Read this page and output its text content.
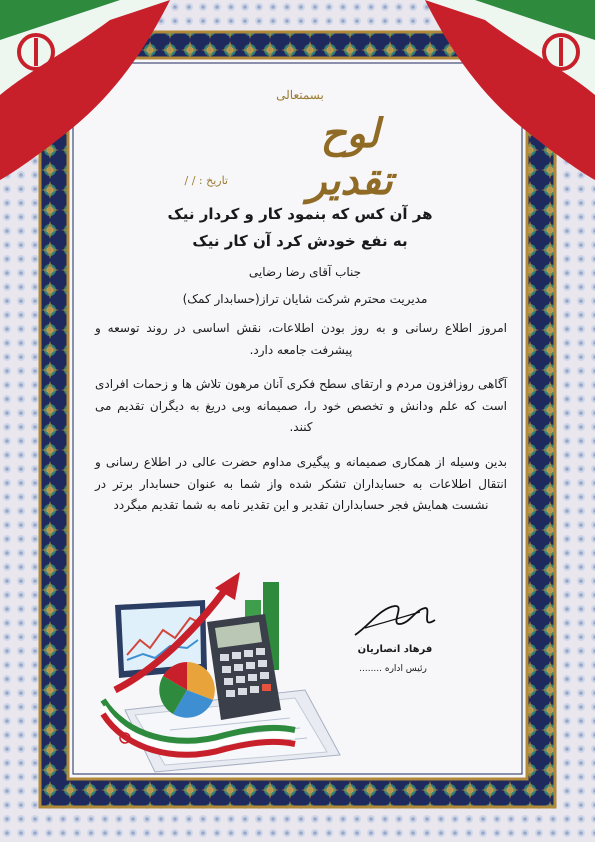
بسمتعالی
لوح تقدیر
تاریخ : / /
هر آن کس که بنمود کار و کردار نیک
به نفع خودش کرد آن کار نیک
جناب آقای رضا رضایی
مدیریت محترم شرکت شایان تراز(حسابدار کمک)
امروز اطلاع رسانی و به روز بودن اطلاعات، نقش اساسی در روند توسعه و پیشرفت جامعه دارد.
آگاهی روزافزون مردم و ارتقای سطح فکری آنان مرهون تلاش ها و زحمات افرادی است که علم ودانش و تخصص خود را، صمیمانه وبی دریغ به دیگران تقدیم می کنند.
بدین وسیله از همکاری صمیمانه و پیگیری مداوم حضرت عالی در اطلاع رسانی و انتقال اطلاعات به حسابداران تشکر شده واز شما به عنوان حسابدار برتر در نشست همایش فجر حسابداران تقدیر و این تقدیر نامه به شما تقدیم میگردد
فرهاد انصاریان
رئیس اداره ........
